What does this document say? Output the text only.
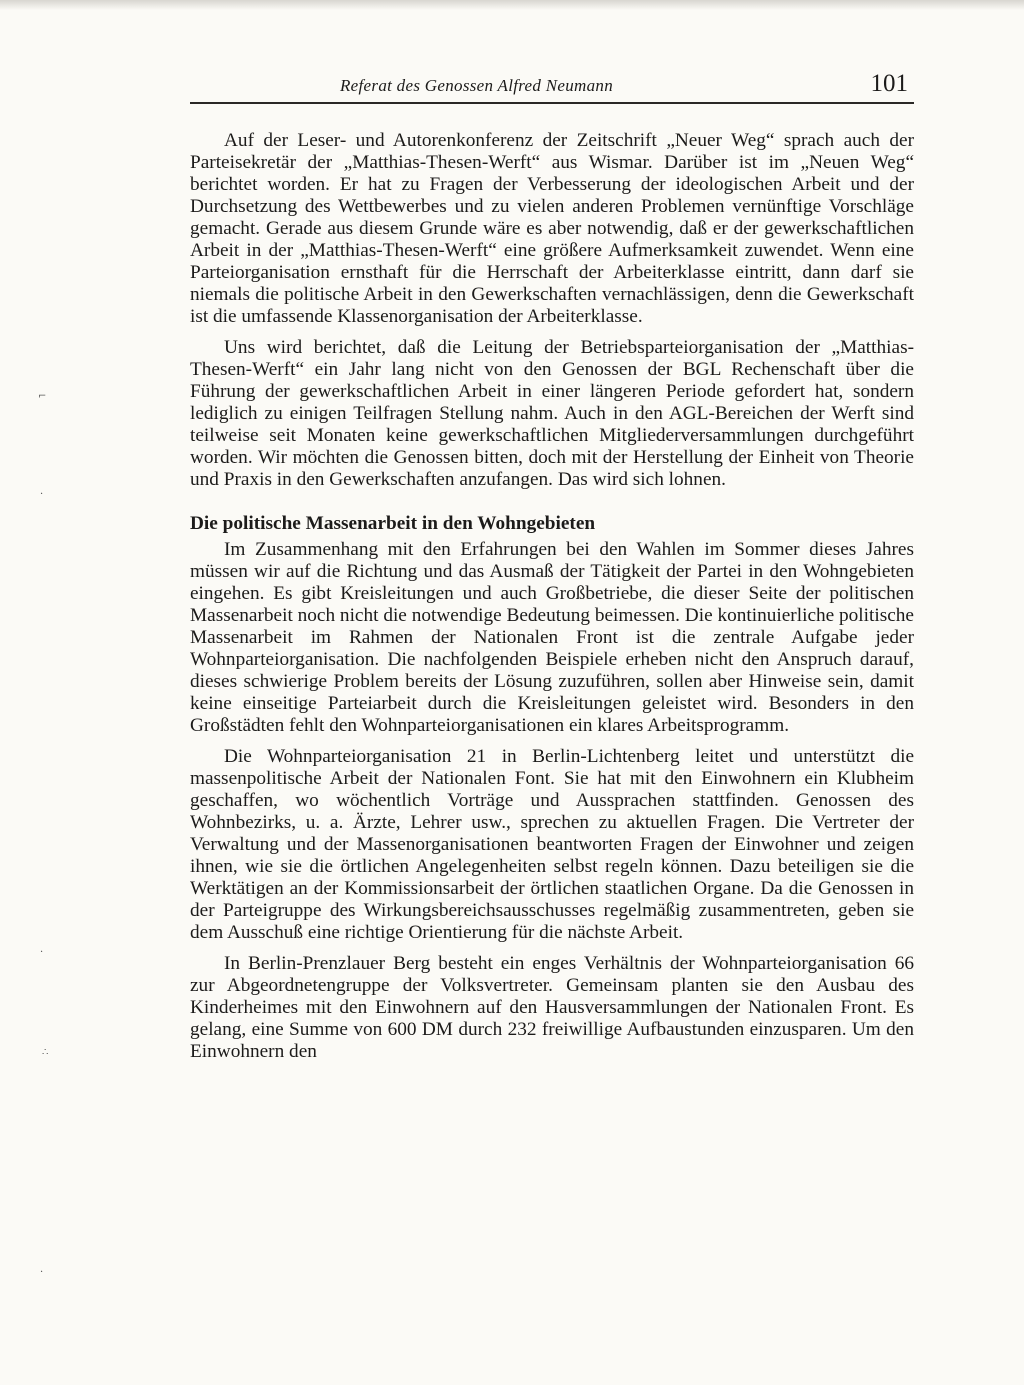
Referat des Genossen Alfred Neumann	101

Auf der Leser- und Autorenkonferenz der Zeitschrift „Neuer Weg“ sprach auch der Parteisekretär der „Matthias-Thesen-Werft“ aus Wismar. Darüber ist im „Neuen Weg“ berichtet worden. Er hat zu Fragen der Verbesserung der ideologischen Arbeit und der Durchsetzung des Wettbewerbes und zu vielen anderen Problemen vernünftige Vorschläge gemacht. Gerade aus diesem Grunde wäre es aber notwendig, daß er der gewerkschaftlichen Arbeit in der „Matthias-Thesen-Werft“ eine größere Aufmerksamkeit zuwendet. Wenn eine Parteiorganisation ernsthaft für die Herrschaft der Arbeiterklasse eintritt, dann darf sie niemals die politische Arbeit in den Gewerkschaften vernachlässigen, denn die Gewerkschaft ist die umfassende Klassenorganisation der Arbeiterklasse.

Uns wird berichtet, daß die Leitung der Betriebsparteiorganisation der „Matthias-Thesen-Werft“ ein Jahr lang nicht von den Genossen der BGL Rechenschaft über die Führung der gewerkschaftlichen Arbeit in einer längeren Periode gefordert hat, sondern lediglich zu einigen Teilfragen Stellung nahm. Auch in den AGL-Bereichen der Werft sind teilweise seit Monaten keine gewerkschaftlichen Mitgliederversammlungen durchgeführt worden. Wir möchten die Genossen bitten, doch mit der Herstellung der Einheit von Theorie und Praxis in den Gewerkschaften anzufangen. Das wird sich lohnen.

Die politische Massenarbeit in den Wohngebieten

Im Zusammenhang mit den Erfahrungen bei den Wahlen im Sommer dieses Jahres müssen wir auf die Richtung und das Ausmaß der Tätigkeit der Partei in den Wohngebieten eingehen. Es gibt Kreisleitungen und auch Großbetriebe, die dieser Seite der politischen Massenarbeit noch nicht die notwendige Bedeutung beimessen. Die kontinuierliche politische Massenarbeit im Rahmen der Nationalen Front ist die zentrale Aufgabe jeder Wohnparteiorganisation. Die nachfolgenden Beispiele erheben nicht den Anspruch darauf, dieses schwierige Problem bereits der Lösung zuzuführen, sollen aber Hinweise sein, damit keine einseitige Parteiarbeit durch die Kreisleitungen geleistet wird. Besonders in den Großstädten fehlt den Wohnparteiorganisationen ein klares Arbeitsprogramm.

Die Wohnparteiorganisation 21 in Berlin-Lichtenberg leitet und unterstützt die massenpolitische Arbeit der Nationalen Font. Sie hat mit den Einwohnern ein Klubheim geschaffen, wo wöchentlich Vorträge und Aussprachen stattfinden. Genossen des Wohnbezirks, u. a. Ärzte, Lehrer usw., sprechen zu aktuellen Fragen. Die Vertreter der Verwaltung und der Massenorganisationen beantworten Fragen der Einwohner und zeigen ihnen, wie sie die örtlichen Angelegenheiten selbst regeln können. Dazu beteiligen sie die Werktätigen an der Kommissionsarbeit der örtlichen staatlichen Organe. Da die Genossen in der Parteigruppe des Wirkungsbereichsausschusses regelmäßig zusammentreten, geben sie dem Ausschuß eine richtige Orientierung für die nächste Arbeit.

In Berlin-Prenzlauer Berg besteht ein enges Verhältnis der Wohnparteiorganisation 66 zur Abgeordnetengruppe der Volksvertreter. Gemeinsam planten sie den Ausbau des Kinderheimes mit den Einwohnern auf den Hausversammlungen der Nationalen Front. Es gelang, eine Summe von 600 DM durch 232 freiwillige Aufbaustunden einzusparen. Um den Einwohnern den

⌐
·
·
∴
·
